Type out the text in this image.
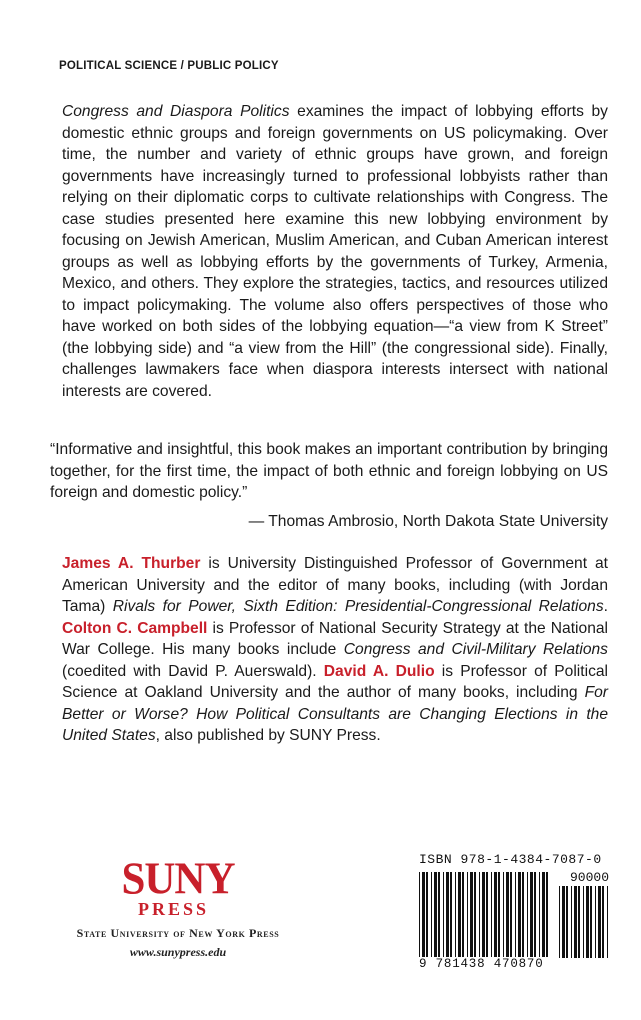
POLITICAL SCIENCE / PUBLIC POLICY

Congress and Diaspora Politics examines the impact of lobbying efforts by domestic ethnic groups and foreign governments on US policymaking. Over time, the number and variety of ethnic groups have grown, and foreign governments have increasingly turned to professional lobbyists rather than relying on their diplomatic corps to cultivate relationships with Congress. The case studies presented here examine this new lobbying environment by focusing on Jewish American, Muslim American, and Cuban American interest groups as well as lobbying efforts by the governments of Turkey, Armenia, Mexico, and others. They explore the strategies, tactics, and resources utilized to impact policymaking. The volume also offers perspectives of those who have worked on both sides of the lobbying equation—“a view from K Street” (the lobbying side) and “a view from the Hill” (the congressional side). Finally, challenges lawmakers face when diaspora interests intersect with national interests are covered.

“Informative and insightful, this book makes an important contribution by bringing together, for the first time, the impact of both ethnic and foreign lobbying on US foreign and domestic policy.”

— Thomas Ambrosio, North Dakota State University

James A. Thurber is University Distinguished Professor of Government at American University and the editor of many books, including (with Jordan Tama) Rivals for Power, Sixth Edition: Presidential-Congressional Relations. Colton C. Campbell is Professor of National Security Strategy at the National War College. His many books include Congress and Civil-Military Relations (coedited with David P. Auerswald). David A. Dulio is Professor of Political Science at Oakland University and the author of many books, including For Better or Worse? How Political Consultants are Changing Elections in the United States, also published by SUNY Press.

SUNY
PRESS
State University of New York Press
www.sunypress.edu
ISBN 978-1-4384-7087-0
90000
9 781438 470870
